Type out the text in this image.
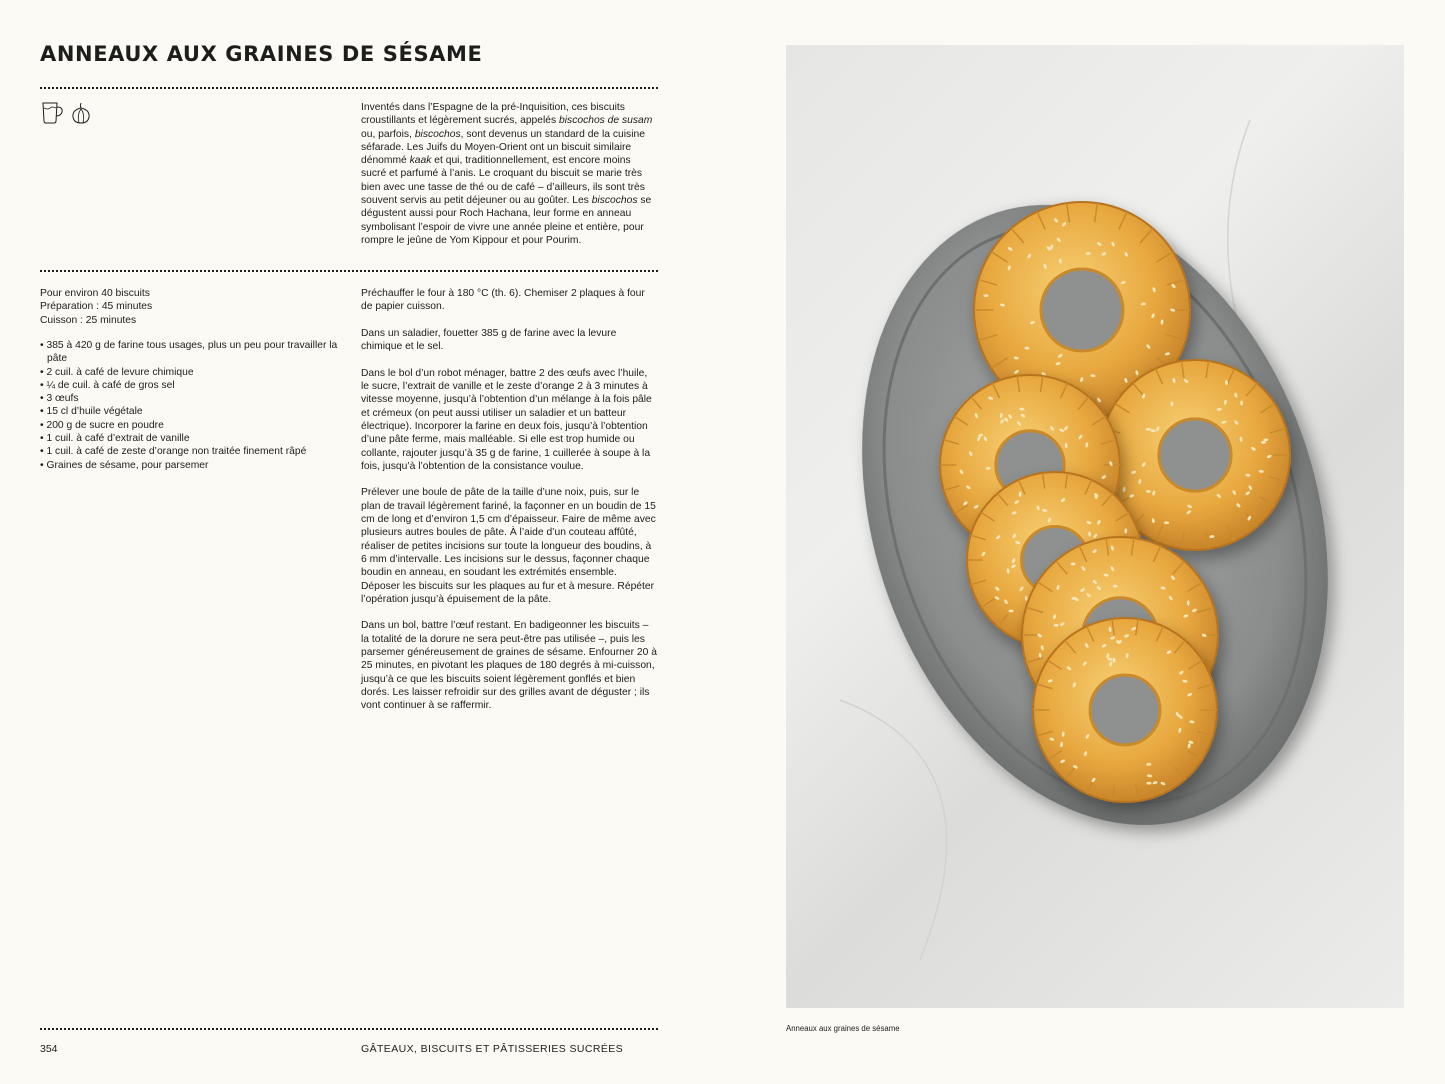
ANNEAUX AUX GRAINES DE SÉSAME

Inventés dans l’Espagne de la pré-Inquisition, ces biscuits croustillants et légèrement sucrés, appelés biscochos de susam ou, parfois, biscochos, sont devenus un standard de la cuisine séfarade. Les Juifs du Moyen-Orient ont un biscuit similaire dénommé kaak et qui, traditionnellement, est encore moins sucré et parfumé à l’anis. Le croquant du biscuit se marie très bien avec une tasse de thé ou de café – d’ailleurs, ils sont très souvent servis au petit déjeuner ou au goûter. Les biscochos se dégustent aussi pour Roch Hachana, leur forme en anneau symbolisant l’espoir de vivre une année pleine et entière, pour rompre le jeûne de Yom Kippour et pour Pourim.

Pour environ 40 biscuits
Préparation : 45 minutes
Cuisson : 25 minutes
• 385 à 420 g de farine tous usages, plus un peu pour travailler la pâte
• 2 cuil. à café de levure chimique
• ¼ de cuil. à café de gros sel
• 3 œufs
• 15 cl d’huile végétale
• 200 g de sucre en poudre
• 1 cuil. à café d’extrait de vanille
• 1 cuil. à café de zeste d’orange non traitée finement râpé
• Graines de sésame, pour parsemer

Préchauffer le four à 180 °C (th. 6). Chemiser 2 plaques à four de papier cuisson.

Dans un saladier, fouetter 385 g de farine avec la levure chimique et le sel.

Dans le bol d’un robot ménager, battre 2 des œufs avec l’huile, le sucre, l’extrait de vanille et le zeste d’orange 2 à 3 minutes à vitesse moyenne, jusqu’à l’obtention d’un mélange à la fois pâle et crémeux (on peut aussi utiliser un saladier et un batteur électrique). Incorporer la farine en deux fois, jusqu’à l’obtention d’une pâte ferme, mais malléable. Si elle est trop humide ou collante, rajouter jusqu’à 35 g de farine, 1 cuillerée à soupe à la fois, jusqu’à l’obtention de la consistance voulue.

Prélever une boule de pâte de la taille d’une noix, puis, sur le plan de travail légèrement fariné, la façonner en un boudin de 15 cm de long et d’environ 1,5 cm d’épaisseur. Faire de même avec plusieurs autres boules de pâte. À l’aide d’un couteau affûté, réaliser de petites incisions sur toute la longueur des boudins, à 6 mm d’intervalle. Les incisions sur le dessus, façonner chaque boudin en anneau, en soudant les extrémités ensemble. Déposer les biscuits sur les plaques au fur et à mesure. Répéter l’opération jusqu’à épuisement de la pâte.

Dans un bol, battre l’œuf restant. En badigeonner les biscuits – la totalité de la dorure ne sera peut-être pas utilisée –, puis les parsemer généreusement de graines de sésame. Enfourner 20 à 25 minutes, en pivotant les plaques de 180 degrés à mi-cuisson, jusqu’à ce que les biscuits soient légèrement gonflés et bien dorés. Les laisser refroidir sur des grilles avant de déguster ; ils vont continuer à se raffermir.

354	GÂTEAUX, BISCUITS ET PÂTISSERIES SUCRÉES
Anneaux aux graines de sésame
